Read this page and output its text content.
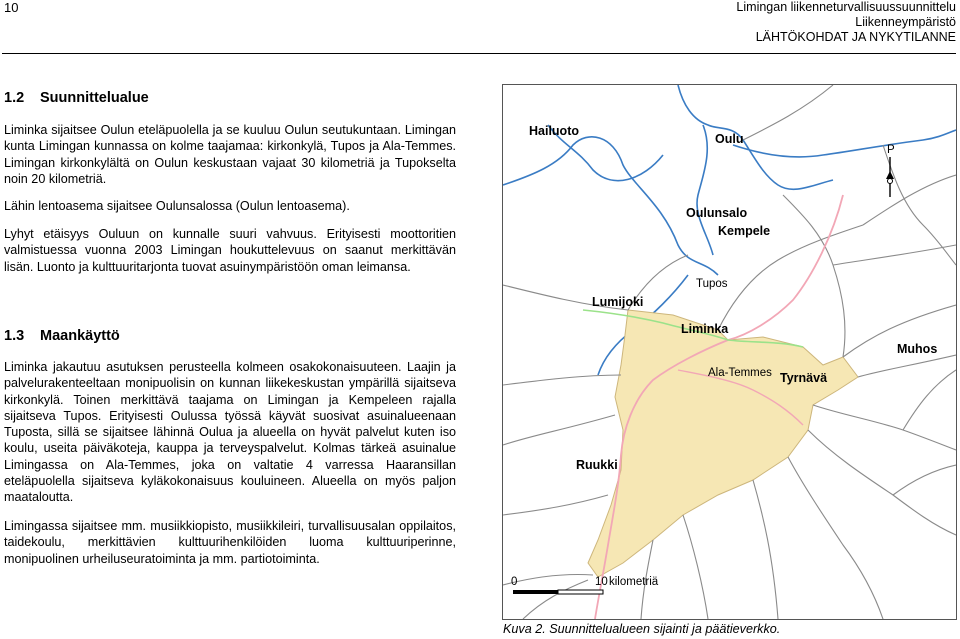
10	Limingan liikenneturvallisuussuunnittelu
Liikenneympäristö
LÄHTÖKOHDAT JA NYKYTILANNE
1.2 Suunnittelualue

Liminka sijaitsee Oulun eteläpuolella ja se kuuluu Oulun seutukuntaan. Limingan kunta Limingan kunnassa on kolme taajamaa: kirkonkylä, Tupos ja Ala-Temmes. Limingan kirkonkylältä on Oulun keskustaan vajaat 30 kilometriä ja Tupokselta noin 20 kilometriä.

Lähin lentoasema sijaitsee Oulunsalossa (Oulun lentoasema).

Lyhyt etäisyys Ouluun on kunnalle suuri vahvuus. Erityisesti moottoritien valmistuessa vuonna 2003 Limingan houkuttelevuus on saanut merkittävän lisän. Luonto ja kulttuuritarjonta tuovat asuinympäristöön oman leimansa.

1.3 Maankäyttö

Liminka jakautuu asutuksen perusteella kolmeen osakokonaisuuteen. Laajin ja palvelurakenteeltaan monipuolisin on kunnan liikekeskustan ympärillä sijaitseva kirkonkylä. Toinen merkittävä taajama on Limingan ja Kempeleen rajalla sijaitseva Tupos. Erityisesti Oulussa työssä käyvät suosivat asuinalueenaan Tuposta, sillä se sijaitsee lähinnä Oulua ja alueella on hyvät palvelut kuten iso koulu, useita päiväkoteja, kauppa ja terveyspalvelut. Kolmas tärkeä asuinalue Limingassa on Ala-Temmes, joka on valtatie 4 varressa Haaransillan eteläpuolella sijaitseva kyläkokonaisuus kouluineen. Alueella on myös paljon maataloutta.

Limingassa sijaitsee mm. musiikkiopisto, musiikkileiri, turvallisuusalan oppilaitos, taidekoulu, merkittävien kulttuurihenkilöiden luoma kulttuuriperinne, monipuolinen urheiluseuratoiminta ja mm. partiotoiminta.

Hailuoto
Oulu
Oulunsalo
Kempele
Tupos
Lumijoki
Liminka
Muhos
Ala-Temmes Tyrnävä
Ruukki
P
0	10 kilometriä
Kuva 2. Suunnittelualueen sijainti ja päätieverkko.
